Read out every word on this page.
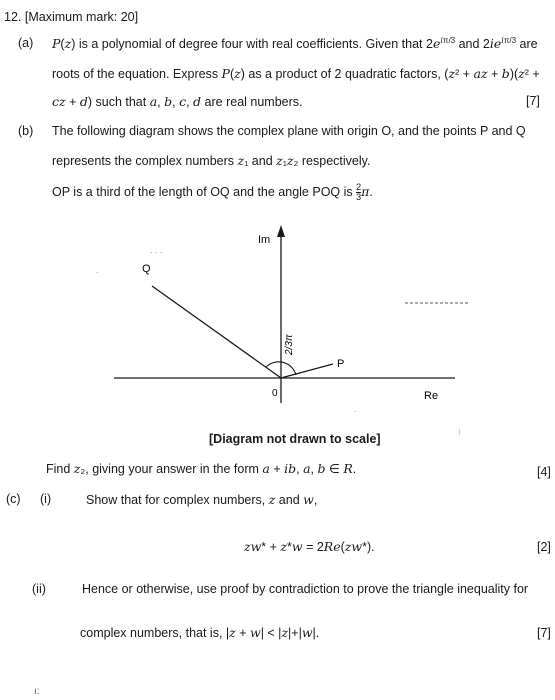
12. [Maximum mark: 20]
(a) P(z) is a polynomial of degree four with real coefficients. Given that $2e^{i\pi/3}$ and $2ie^{i\pi/3}$ are
roots of the equation. Express P(z) as a product of 2 quadratic factors, (z² + az + b)(z² +
cz + d) such that a, b, c, d are real numbers.	[7]
(b) The following diagram shows the complex plane with origin O, and the points P and Q
represents the complex numbers z₁ and z₁z₂ respectively.
OP is a third of the length of OQ and the angle POQ is $\frac{2}{3} \pi$.
Im
Re
0
Q
P
2/3π
· · ·
·
·
⁝
[Diagram not drawn to scale]
Find z₂, giving your answer in the form a + ib, a, b ∈ R.	[4]
(c) (i)	Show that for complex numbers, z and w,
zw* + z*w = 2Re(zw*).	[2]
(ii)	Hence or otherwise, use proof by contradiction to prove the triangle inequality for
complex numbers, that is, |z + w| < |z|+|w|.	[7]
ı:
